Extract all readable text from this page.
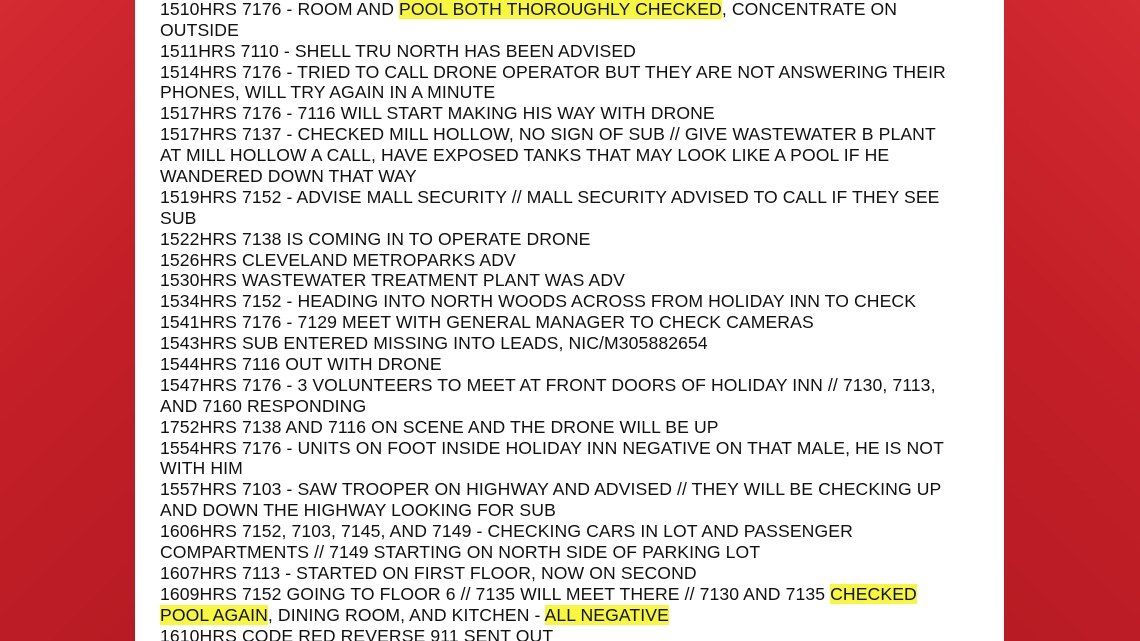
1510HRS 7176 - ROOM AND POOL BOTH THOROUGHLY CHECKED, CONCENTRATE ON
OUTSIDE
1511HRS 7110 - SHELL TRU NORTH HAS BEEN ADVISED
1514HRS 7176 - TRIED TO CALL DRONE OPERATOR BUT THEY ARE NOT ANSWERING THEIR
PHONES, WILL TRY AGAIN IN A MINUTE
1517HRS 7176 - 7116 WILL START MAKING HIS WAY WITH DRONE
1517HRS 7137 - CHECKED MILL HOLLOW, NO SIGN OF SUB // GIVE WASTEWATER B PLANT
AT MILL HOLLOW A CALL, HAVE EXPOSED TANKS THAT MAY LOOK LIKE A POOL IF HE
WANDERED DOWN THAT WAY
1519HRS 7152 - ADVISE MALL SECURITY // MALL SECURITY ADVISED TO CALL IF THEY SEE
SUB
1522HRS 7138 IS COMING IN TO OPERATE DRONE
1526HRS CLEVELAND METROPARKS ADV
1530HRS WASTEWATER TREATMENT PLANT WAS ADV
1534HRS 7152 - HEADING INTO NORTH WOODS ACROSS FROM HOLIDAY INN TO CHECK
1541HRS 7176 - 7129 MEET WITH GENERAL MANAGER TO CHECK CAMERAS
1543HRS SUB ENTERED MISSING INTO LEADS, NIC/M305882654
1544HRS 7116 OUT WITH DRONE
1547HRS 7176 - 3 VOLUNTEERS TO MEET AT FRONT DOORS OF HOLIDAY INN // 7130, 7113,
AND 7160 RESPONDING
1752HRS 7138 AND 7116 ON SCENE AND THE DRONE WILL BE UP
1554HRS 7176 - UNITS ON FOOT INSIDE HOLIDAY INN NEGATIVE ON THAT MALE, HE IS NOT
WITH HIM
1557HRS 7103 - SAW TROOPER ON HIGHWAY AND ADVISED // THEY WILL BE CHECKING UP
AND DOWN THE HIGHWAY LOOKING FOR SUB
1606HRS 7152, 7103, 7145, AND 7149 - CHECKING CARS IN LOT AND PASSENGER
COMPARTMENTS // 7149 STARTING ON NORTH SIDE OF PARKING LOT
1607HRS 7113 - STARTED ON FIRST FLOOR, NOW ON SECOND
1609HRS 7152 GOING TO FLOOR 6 // 7135 WILL MEET THERE // 7130 AND 7135 CHECKED
POOL AGAIN, DINING ROOM, AND KITCHEN - ALL NEGATIVE
1610HRS CODE RED REVERSE 911 SENT OUT
